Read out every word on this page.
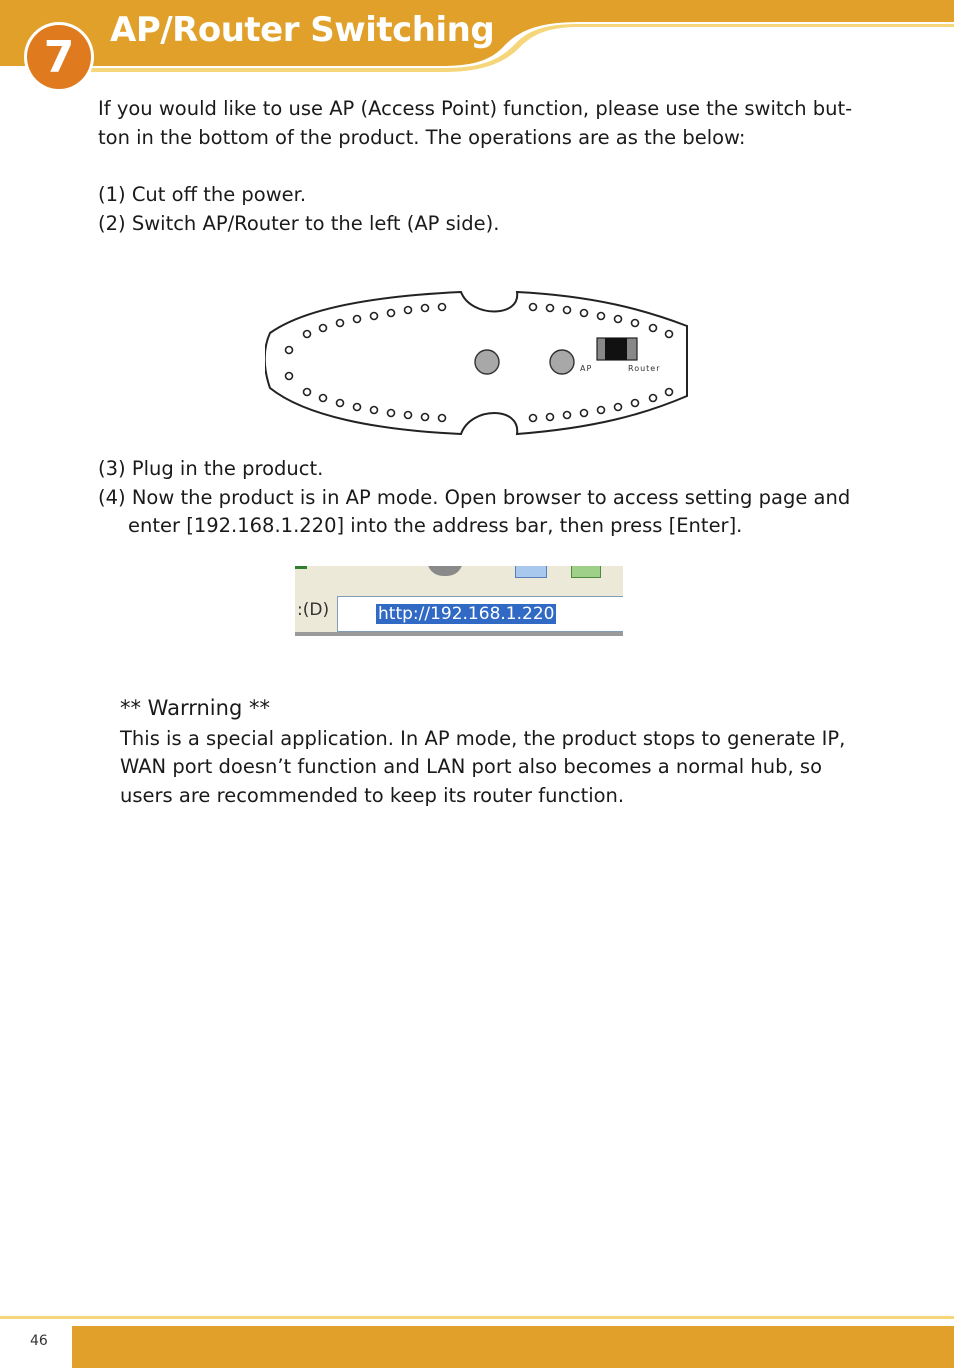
7
AP/Router Switching
If you would like to use AP (Access Point) function, please use the switch but-
ton in the bottom of the product. The operations are as the below:
(1) Cut off the power.
(2) Switch AP/Router to the left (AP side).
AP	Router
(3) Plug in the product.
(4) Now the product is in AP mode. Open browser to access setting page and
enter [192.168.1.220] into the address bar, then press [Enter].
:(D)	http://192.168.1.220
** Warrning **
This is a special application. In AP mode, the product stops to generate IP,
WAN port doesn’t function and LAN port also becomes a normal hub, so
users are recommended to keep its router function.
46
